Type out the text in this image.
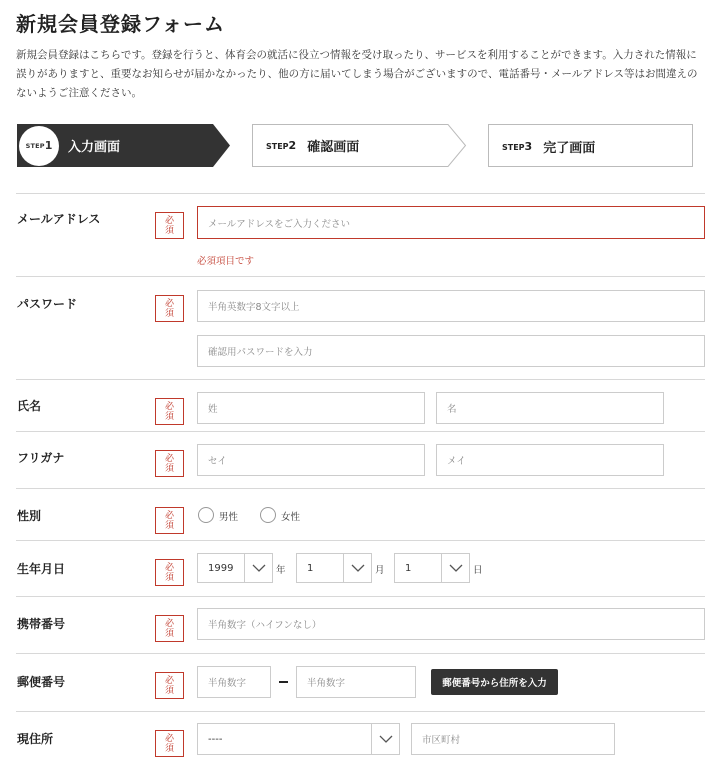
新規会員登録フォーム
新規会員登録はこちらです。登録を行うと、体育会の就活に役立つ情報を受け取ったり、サービスを利用することができます。入力された情報に誤りがありますと、重要なお知らせが届かなかったり、他の方に届いてしまう場合がございますので、電話番号・メールアドレス等はお間違えのないようご注意ください。
STEP 1 入力画面	STEP2 確認画面	STEP3 完了画面
メールアドレス	必
須
メールアドレスをご入力ください
必須項目です
パスワード	必
須
半角英数字8文字以上
確認用パスワードを入力
氏名	必
須
姓	名
フリガナ	必
須
セイ	メイ
性別	必
須
男性	女性
生年月日	必
須
1999	年 1	月 1	日
携帯番号	必
須
半角数字（ハイフンなし）
郵便番号	必
須
半角数字	半角数字	郵便番号から住所を入力
現住所	必
須
----	市区町村
